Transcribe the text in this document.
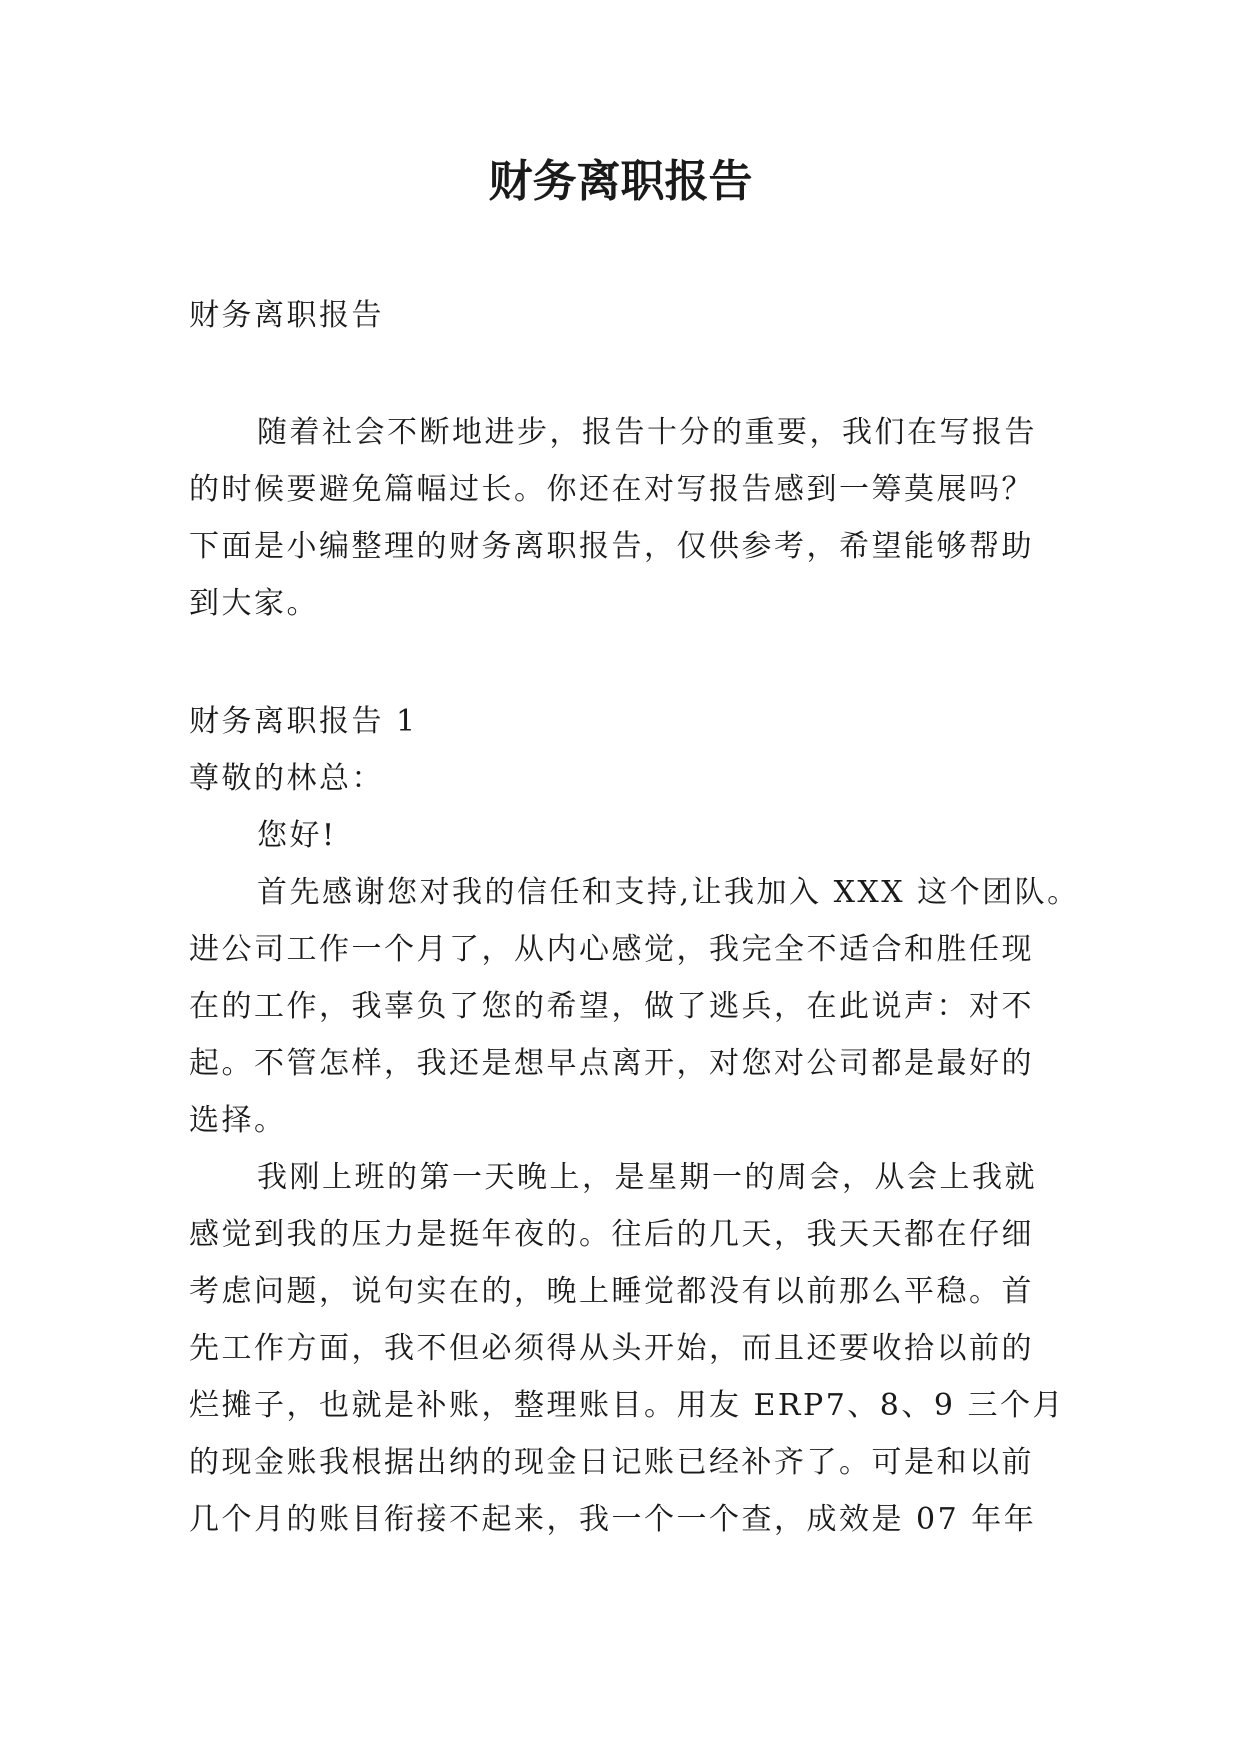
财务离职报告
财务离职报告
随着社会不断地进步，报告十分的重要，我们在写报告
的时候要避免篇幅过长。你还在对写报告感到一筹莫展吗？
下面是小编整理的财务离职报告，仅供参考，希望能够帮助
到大家。
财务离职报告 1
尊敬的林总：
您好!
首先感谢您对我的信任和支持,让我加入 XXX 这个团队。
进公司工作一个月了，从内心感觉，我完全不适合和胜任现
在的工作，我辜负了您的希望，做了逃兵，在此说声：对不
起。不管怎样，我还是想早点离开，对您对公司都是最好的
选择。
我刚上班的第一天晚上，是星期一的周会，从会上我就
感觉到我的压力是挺年夜的。往后的几天，我天天都在仔细
考虑问题，说句实在的，晚上睡觉都没有以前那么平稳。首
先工作方面，我不但必须得从头开始，而且还要收拾以前的
烂摊子，也就是补账，整理账目。用友 ERP7、8、9 三个月
的现金账我根据出纳的现金日记账已经补齐了。可是和以前
几个月的账目衔接不起来，我一个一个查，成效是 07 年年
